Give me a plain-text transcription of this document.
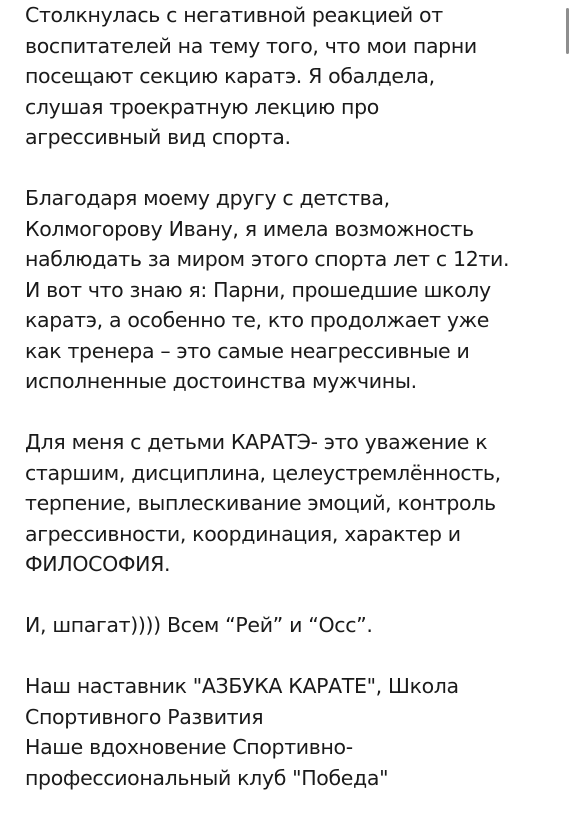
Столкнулась с негативной реакцией от
воспитателей на тему того, что мои парни
посещают секцию каратэ. Я обалдела,
слушая троекратную лекцию про
агрессивный вид спорта.

Благодаря моему другу с детства,
Колмогорову Ивану, я имела возможность
наблюдать за миром этого спорта лет с 12ти.
И вот что знаю я: Парни, прошедшие школу
каратэ, а особенно те, кто продолжает уже
как тренера – это самые неагрессивные и
исполненные достоинства мужчины.

Для меня с детьми КАРАТЭ- это уважение к
старшим, дисциплина, целеустремлённость,
терпение, выплескивание эмоций, контроль
агрессивности, координация, характер и
ФИЛОСОФИЯ.

И, шпагат)))) Всем “Рей” и “Осс”.

Наш наставник "АЗБУКА КАРАТЕ", Школа
Спортивного Развития
Наше вдохновение Спортивно-
профессиональный клуб "Победа"
